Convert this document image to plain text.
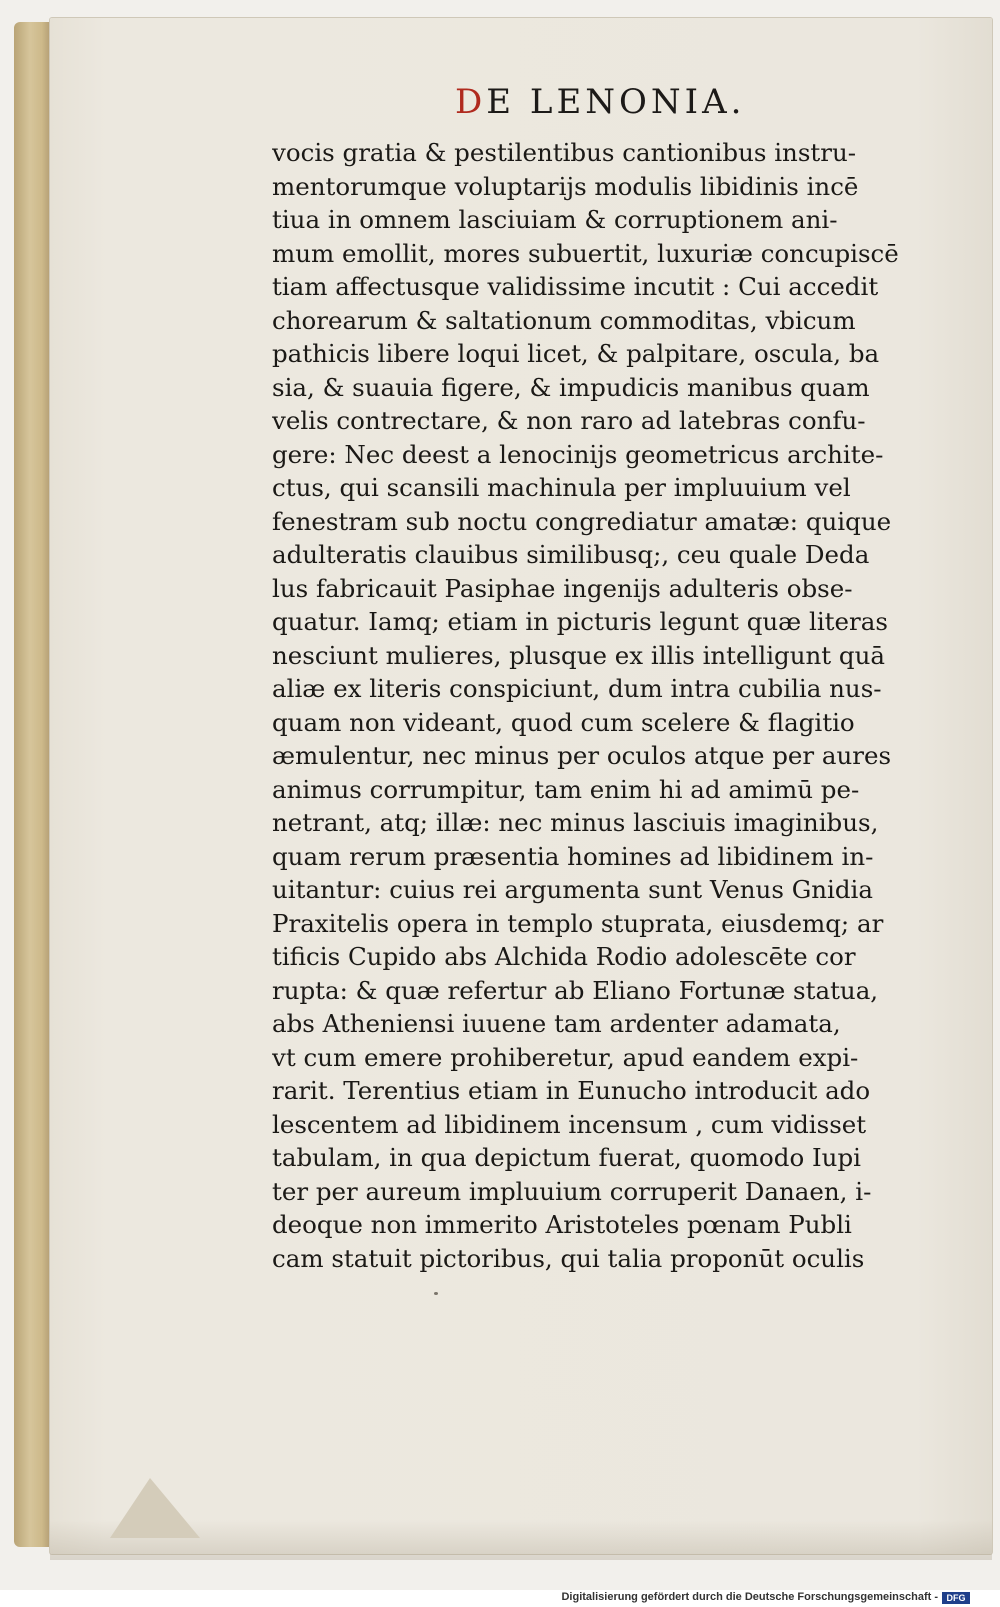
DE LENONIA.
vocis gratia & pestilentibus cantionibus instru-
mentorumque voluptarijs modulis libidinis incē
tiua in omnem lasciuiam & corruptionem ani-
mum emollit, mores subuertit, luxuriæ concupiscē
tiam affectusque validissime incutit : Cui accedit
chorearum & saltationum commoditas, vbicum
pathicis libere loqui licet, & palpitare, oscula, ba
sia, & suauia figere, & impudicis manibus quam
velis contrectare, & non raro ad latebras confu-
gere: Nec deest a lenocinijs geometricus archite-
ctus, qui scansili machinula per impluuium vel
fenestram sub noctu congrediatur amatæ: quique
adulteratis clauibus similibusq;, ceu quale Deda
lus fabricauit Pasiphae ingenijs adulteris obse-
quatur. Iamq; etiam in picturis legunt quæ literas
nesciunt mulieres, plusque ex illis intelligunt quā
aliæ ex literis conspiciunt, dum intra cubilia nus-
quam non videant, quod cum scelere & flagitio
æmulentur, nec minus per oculos atque per aures
animus corrumpitur, tam enim hi ad amimū pe-
netrant, atq; illæ: nec minus lasciuis imaginibus,
quam rerum præsentia homines ad libidinem in-
uitantur: cuius rei argumenta sunt Venus Gnidia
Praxitelis opera in templo stuprata, eiusdemq; ar
tificis Cupido abs Alchida Rodio adolescēte cor
rupta: & quæ refertur ab Eliano Fortunæ statua,
abs Atheniensi iuuene tam ardenter adamata,
vt cum emere prohiberetur, apud eandem expi-
rarit. Terentius etiam in Eunucho introducit ado
lescentem ad libidinem incensum , cum vidisset
tabulam, in qua depictum fuerat, quomodo Iupi
ter per aureum impluuium corruperit Danaen, i-
deoque non immerito Aristoteles pœnam Publi
cam statuit pictoribus, qui talia proponūt oculis
Digitalisierung gefördert durch die Deutsche Forschungsgemeinschaft - DFG
